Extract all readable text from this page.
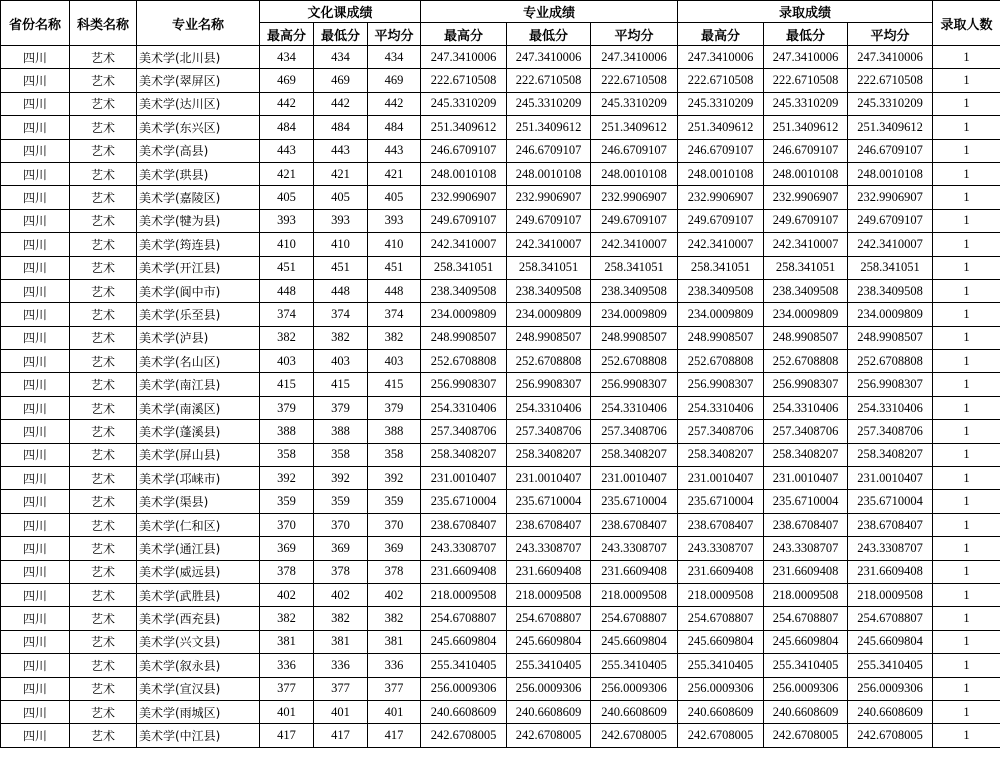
省份名称	科类名称	专业名称	文化课成绩			专业成绩			录取成绩			录取人数
			最高分	最低分	平均分	最高分	最低分	平均分	最高分	最低分	平均分	
四川	艺术	美术学(北川县)	434	434	434	247.3410006	247.3410006	247.3410006	247.3410006	247.3410006	247.3410006	1
四川	艺术	美术学(翠屏区)	469	469	469	222.6710508	222.6710508	222.6710508	222.6710508	222.6710508	222.6710508	1
四川	艺术	美术学(达川区)	442	442	442	245.3310209	245.3310209	245.3310209	245.3310209	245.3310209	245.3310209	1
四川	艺术	美术学(东兴区)	484	484	484	251.3409612	251.3409612	251.3409612	251.3409612	251.3409612	251.3409612	1
四川	艺术	美术学(高县)	443	443	443	246.6709107	246.6709107	246.6709107	246.6709107	246.6709107	246.6709107	1
四川	艺术	美术学(珙县)	421	421	421	248.0010108	248.0010108	248.0010108	248.0010108	248.0010108	248.0010108	1
四川	艺术	美术学(嘉陵区)	405	405	405	232.9906907	232.9906907	232.9906907	232.9906907	232.9906907	232.9906907	1
四川	艺术	美术学(犍为县)	393	393	393	249.6709107	249.6709107	249.6709107	249.6709107	249.6709107	249.6709107	1
四川	艺术	美术学(筠连县)	410	410	410	242.3410007	242.3410007	242.3410007	242.3410007	242.3410007	242.3410007	1
四川	艺术	美术学(开江县)	451	451	451	258.341051	258.341051	258.341051	258.341051	258.341051	258.341051	1
四川	艺术	美术学(阆中市)	448	448	448	238.3409508	238.3409508	238.3409508	238.3409508	238.3409508	238.3409508	1
四川	艺术	美术学(乐至县)	374	374	374	234.0009809	234.0009809	234.0009809	234.0009809	234.0009809	234.0009809	1
四川	艺术	美术学(泸县)	382	382	382	248.9908507	248.9908507	248.9908507	248.9908507	248.9908507	248.9908507	1
四川	艺术	美术学(名山区)	403	403	403	252.6708808	252.6708808	252.6708808	252.6708808	252.6708808	252.6708808	1
四川	艺术	美术学(南江县)	415	415	415	256.9908307	256.9908307	256.9908307	256.9908307	256.9908307	256.9908307	1
四川	艺术	美术学(南溪区)	379	379	379	254.3310406	254.3310406	254.3310406	254.3310406	254.3310406	254.3310406	1
四川	艺术	美术学(蓬溪县)	388	388	388	257.3408706	257.3408706	257.3408706	257.3408706	257.3408706	257.3408706	1
四川	艺术	美术学(屏山县)	358	358	358	258.3408207	258.3408207	258.3408207	258.3408207	258.3408207	258.3408207	1
四川	艺术	美术学(邛崃市)	392	392	392	231.0010407	231.0010407	231.0010407	231.0010407	231.0010407	231.0010407	1
四川	艺术	美术学(渠县)	359	359	359	235.6710004	235.6710004	235.6710004	235.6710004	235.6710004	235.6710004	1
四川	艺术	美术学(仁和区)	370	370	370	238.6708407	238.6708407	238.6708407	238.6708407	238.6708407	238.6708407	1
四川	艺术	美术学(通江县)	369	369	369	243.3308707	243.3308707	243.3308707	243.3308707	243.3308707	243.3308707	1
四川	艺术	美术学(威远县)	378	378	378	231.6609408	231.6609408	231.6609408	231.6609408	231.6609408	231.6609408	1
四川	艺术	美术学(武胜县)	402	402	402	218.0009508	218.0009508	218.0009508	218.0009508	218.0009508	218.0009508	1
四川	艺术	美术学(西充县)	382	382	382	254.6708807	254.6708807	254.6708807	254.6708807	254.6708807	254.6708807	1
四川	艺术	美术学(兴文县)	381	381	381	245.6609804	245.6609804	245.6609804	245.6609804	245.6609804	245.6609804	1
四川	艺术	美术学(叙永县)	336	336	336	255.3410405	255.3410405	255.3410405	255.3410405	255.3410405	255.3410405	1
四川	艺术	美术学(宣汉县)	377	377	377	256.0009306	256.0009306	256.0009306	256.0009306	256.0009306	256.0009306	1
四川	艺术	美术学(雨城区)	401	401	401	240.6608609	240.6608609	240.6608609	240.6608609	240.6608609	240.6608609	1
四川	艺术	美术学(中江县)	417	417	417	242.6708005	242.6708005	242.6708005	242.6708005	242.6708005	242.6708005	1
